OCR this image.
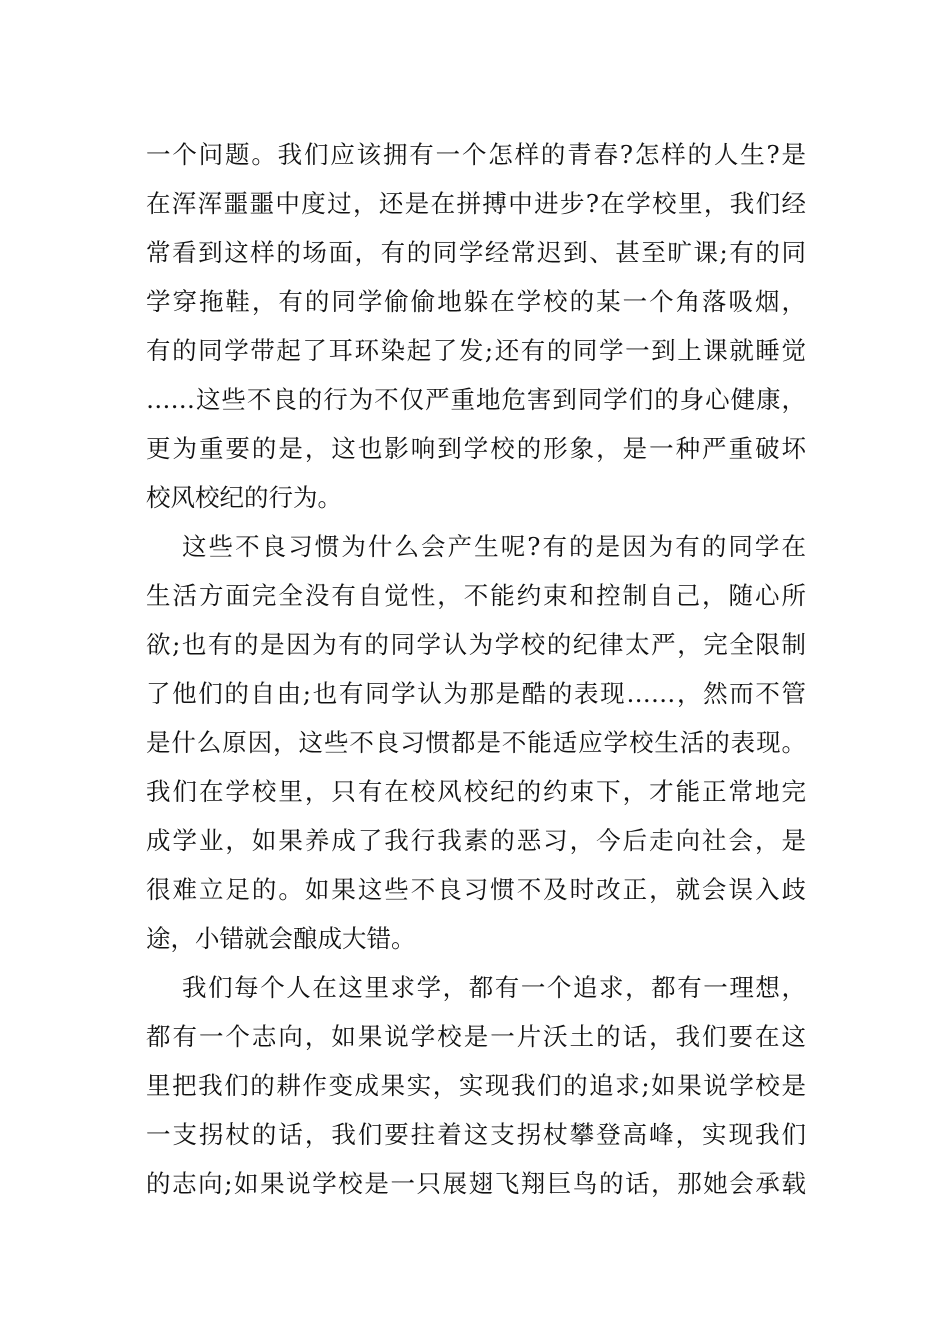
一个问题。我们应该拥有一个怎样的青春?怎样的人生?是
在浑浑噩噩中度过，还是在拼搏中进步?在学校里，我们经
常看到这样的场面，有的同学经常迟到、甚至旷课;有的同
学穿拖鞋，有的同学偷偷地躲在学校的某一个角落吸烟，
有的同学带起了耳环染起了发;还有的同学一到上课就睡觉
……这些不良的行为不仅严重地危害到同学们的身心健康，
更为重要的是，这也影响到学校的形象，是一种严重破坏
校风校纪的行为。
这些不良习惯为什么会产生呢?有的是因为有的同学在
生活方面完全没有自觉性，不能约束和控制自己，随心所
欲;也有的是因为有的同学认为学校的纪律太严，完全限制
了他们的自由;也有同学认为那是酷的表现……，然而不管
是什么原因，这些不良习惯都是不能适应学校生活的表现。
我们在学校里，只有在校风校纪的约束下，才能正常地完
成学业，如果养成了我行我素的恶习，今后走向社会，是
很难立足的。如果这些不良习惯不及时改正，就会误入歧
途，小错就会酿成大错。
我们每个人在这里求学，都有一个追求，都有一理想，
都有一个志向，如果说学校是一片沃土的话，我们要在这
里把我们的耕作变成果实，实现我们的追求;如果说学校是
一支拐杖的话，我们要拄着这支拐杖攀登高峰，实现我们
的志向;如果说学校是一只展翅飞翔巨鸟的话，那她会承载
